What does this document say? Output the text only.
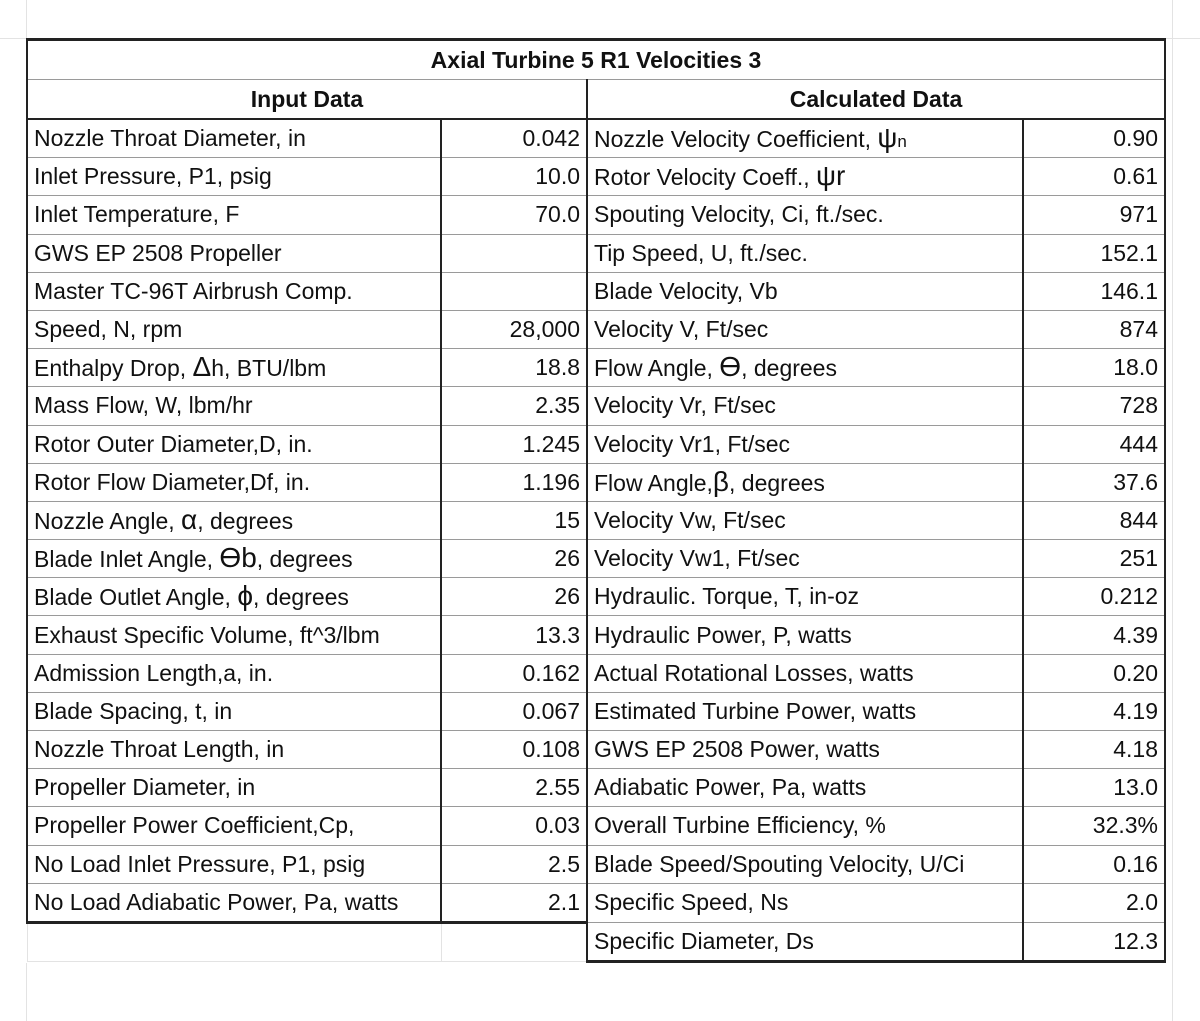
Axial Turbine 5 R1 Velocities 3			
Input Data		Calculated Data	
Nozzle Throat Diameter, in	0.042	Nozzle Velocity Coefficient, ψn	0.90
Inlet Pressure, P1, psig	10.0	Rotor Velocity Coeff., ψr	0.61
Inlet Temperature, F	70.0	Spouting Velocity, Ci, ft./sec.	971
GWS EP 2508 Propeller		Tip Speed, U, ft./sec.	152.1
Master TC-96T Airbrush Comp.		Blade Velocity, Vb	146.1
Speed, N, rpm	28,000	Velocity V, Ft/sec	874
Enthalpy Drop, Δh, BTU/lbm	18.8	Flow Angle, ϴ, degrees	18.0
Mass Flow, W, lbm/hr	2.35	Velocity Vr, Ft/sec	728
Rotor Outer Diameter,D, in.	1.245	Velocity Vr1, Ft/sec	444
Rotor Flow Diameter,Df, in.	1.196	Flow Angle,β, degrees	37.6
Nozzle Angle, α, degrees	15	Velocity Vw, Ft/sec	844
Blade Inlet Angle, ϴb, degrees	26	Velocity Vw1, Ft/sec	251
Blade Outlet Angle, ϕ, degrees	26	Hydraulic. Torque, T, in-oz	0.212
Exhaust Specific Volume, ft^3/lbm	13.3	Hydraulic Power, P, watts	4.39
Admission Length,a, in.	0.162	Actual Rotational Losses, watts	0.20
Blade Spacing, t, in	0.067	Estimated Turbine Power, watts	4.19
Nozzle Throat Length, in	0.108	GWS EP 2508 Power, watts	4.18
Propeller Diameter, in	2.55	Adiabatic Power, Pa, watts	13.0
Propeller Power Coefficient,Cp,	0.03	Overall Turbine Efficiency, %	32.3%
No Load Inlet Pressure, P1, psig	2.5	Blade Speed/Spouting Velocity, U/Ci	0.16
No Load Adiabatic Power, Pa, watts	2.1	Specific Speed, Ns	2.0
		Specific Diameter, Ds	12.3
